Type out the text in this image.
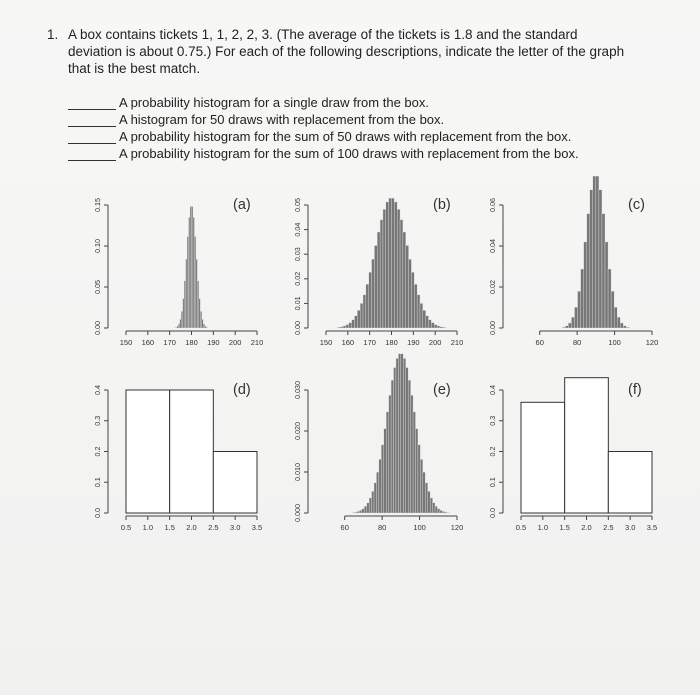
1. A box contains tickets 1, 1, 2, 2, 3. (The average of the tickets is 1.8 and the standard deviation is about 0.75.) For each of the following descriptions, indicate the letter of the graph that is the best match.
A probability histogram for a single draw from the box.
A histogram for 50 draws with replacement from the box.
A probability histogram for the sum of 50 draws with replacement from the box.
A probability histogram for the sum of 100 draws with replacement from the box.
0.00
0.05
0.10
0.15
150 160 170 180 190 200 210
(a)
0.00
0.01
0.02
0.03
0.04
0.05
150 160 170 180 190 200 210
(b)
0.00
0.02
0.04
0.06
60	80	100	120
(c)
0.0
0.1
0.2
0.3
0.4
0.5 1.0 1.5 2.0 2.5 3.0 3.5
(d)
0.000
0.010
0.020
0.030
60	80	100	120
(e)
0.0
0.1
0.2
0.3
0.4
0.5 1.0 1.5 2.0 2.5 3.0 3.5
(f)
